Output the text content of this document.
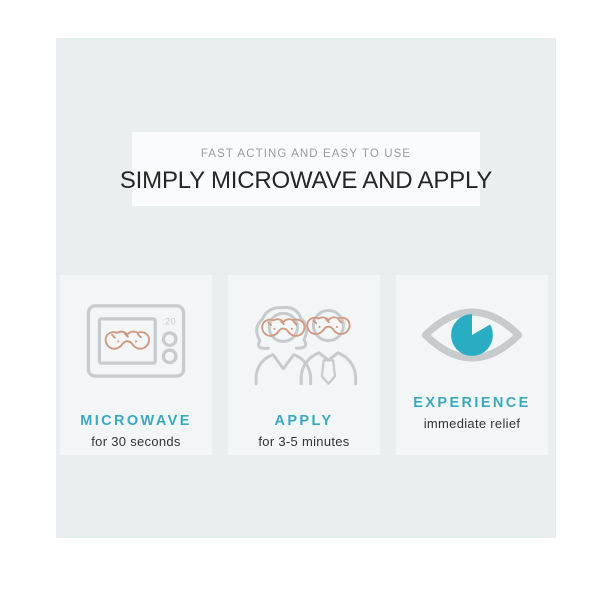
FAST ACTING AND EASY TO USE
SIMPLY MICROWAVE AND APPLY
:20
MICROWAVE
for 30 seconds
APPLY
for 3-5 minutes
EXPERIENCE
immediate relief
